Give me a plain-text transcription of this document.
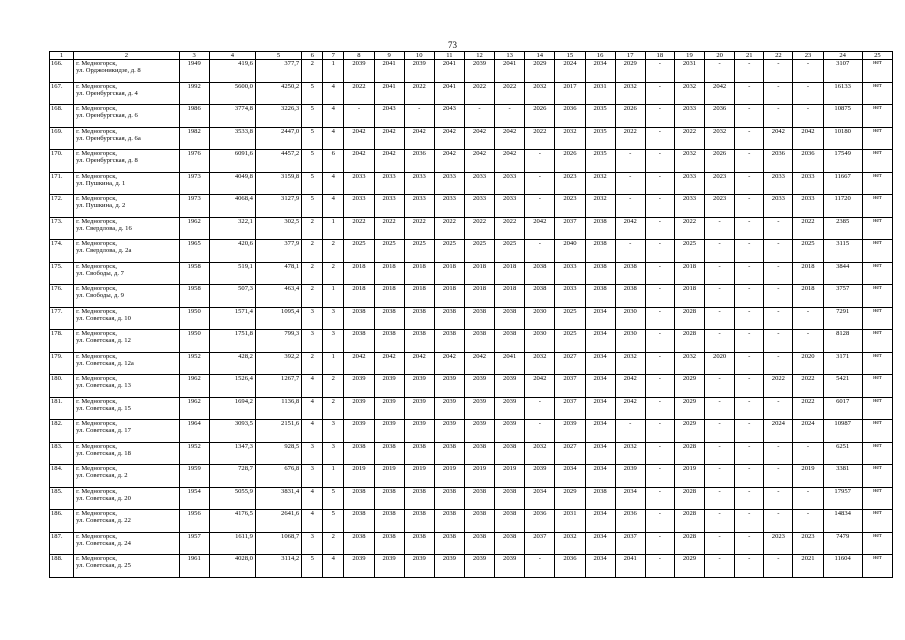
73
1	2	3	4	5	6	7	8	9	10	11	12	13	14	15	16	17	18	19	20	21	22	23	24	25
166.	г. Медногорск,
ул. Орджоникидзе, д. 8	1949	419,6	377,7	2	1	2039	2041	2039	2041	2039	2041	2029	2024	2034	2029	-	2031	-	-	-	-	3107	нет
167.	г. Медногорск,
ул. Оренбургская, д. 4	1992	5600,0	4250,2	5	4	2022	2041	2022	2041	2022	2022	2032	2017	2031	2032	-	2032	2042	-	-	-	16133	нет
168.	г. Медногорск,
ул. Оренбургская, д. 6	1986	3774,8	3226,3	5	4	-	2043	-	2043	-	-	2026	2036	2035	2026	-	2033	2036	-	-	-	10875	нет
169.	г. Медногорск,
ул. Оренбургская, д. 6а	1982	3533,8	2447,0	5	4	2042	2042	2042	2042	2042	2042	2022	2032	2035	2022	-	2022	2032	-	2042	2042	10180	нет
170.	г. Медногорск,
ул. Оренбургская, д. 8	1976	6091,6	4457,2	5	6	2042	2042	2036	2042	2042	2042	-	2026	2035	-	-	2032	2026	-	2036	2036	17549	нет
171.	г. Медногорск,
ул. Пушкина, д. 1	1973	4049,8	3159,8	5	4	2033	2033	2033	2033	2033	2033	-	2023	2032	-	-	2033	2023	-	2033	2033	11667	нет
172.	г. Медногорск,
ул. Пушкина, д. 2	1973	4068,4	3127,9	5	4	2033	2033	2033	2033	2033	2033	-	2023	2032	-	-	2033	2023	-	2033	2033	11720	нет
173.	г. Медногорск,
ул. Свердлова, д. 16	1962	322,1	302,5	2	1	2022	2022	2022	2022	2022	2022	2042	2037	2038	2042	-	2022	-	-	-	2022	2385	нет
174.	г. Медногорск,
ул. Свердлова, д. 2а	1965	420,6	377,9	2	2	2025	2025	2025	2025	2025	2025	-	2040	2038	-	-	2025	-	-	-	2025	3115	нет
175.	г. Медногорск,
ул. Свободы, д. 7	1958	519,1	478,1	2	2	2018	2018	2018	2018	2018	2018	2038	2033	2038	2038	-	2018	-	-	-	2018	3844	нет
176.	г. Медногорск,
ул. Свободы, д. 9	1958	507,3	463,4	2	1	2018	2018	2018	2018	2018	2018	2038	2033	2038	2038	-	2018	-	-	-	2018	3757	нет
177.	г. Медногорск,
ул. Советская, д. 10	1950	1571,4	1095,4	3	3	2038	2038	2038	2038	2038	2038	2030	2025	2034	2030	-	2028	-	-	-	-	7291	нет
178.	г. Медногорск,
ул. Советская, д. 12	1950	1751,8	799,3	3	3	2038	2038	2038	2038	2038	2038	2030	2025	2034	2030	-	2028	-	-	-	-	8128	нет
179.	г. Медногорск,
ул. Советская, д. 12а	1952	428,2	392,2	2	1	2042	2042	2042	2042	2042	2041	2032	2027	2034	2032	-	2032	2020	-	-	2020	3171	нет
180.	г. Медногорск,
ул. Советская, д. 13	1962	1526,4	1267,7	4	2	2039	2039	2039	2039	2039	2039	2042	2037	2034	2042	-	2029	-	-	2022	2022	5421	нет
181.	г. Медногорск,
ул. Советская, д. 15	1962	1694,2	1136,8	4	2	2039	2039	2039	2039	2039	2039	-	2037	2034	2042	-	2029	-	-	-	2022	6017	нет
182.	г. Медногорск,
ул. Советская, д. 17	1964	3093,5	2151,6	4	3	2039	2039	2039	2039	2039	2039	-	2039	2034	-	-	2029	-	-	2024	2024	10987	нет
183.	г. Медногорск,
ул. Советская, д. 18	1952	1347,3	928,5	3	3	2038	2038	2038	2038	2038	2038	2032	2027	2034	2032	-	2028	-	-	-	-	6251	нет
184.	г. Медногорск,
ул. Советская, д. 2	1959	728,7	676,8	3	1	2019	2019	2019	2019	2019	2019	2039	2034	2034	2039	-	2019	-	-	-	2019	3381	нет
185.	г. Медногорск,
ул. Советская, д. 20	1954	5055,9	3831,4	4	5	2038	2038	2038	2038	2038	2038	2034	2029	2038	2034	-	2028	-	-	-	-	17957	нет
186.	г. Медногорск,
ул. Советская, д. 22	1956	4176,5	2641,6	4	5	2038	2038	2038	2038	2038	2038	2036	2031	2034	2036	-	2028	-	-	-	-	14834	нет
187.	г. Медногорск,
ул. Советская, д. 24	1957	1611,9	1068,7	3	2	2038	2038	2038	2038	2038	2038	2037	2032	2034	2037	-	2028	-	-	2023	2023	7479	нет
188.	г. Медногорск,
ул. Советская, д. 25	1961	4028,0	3114,2	5	4	2039	2039	2039	2039	2039	2039	-	2036	2034	2041	-	2029	-	-	-	2021	11604	нет
